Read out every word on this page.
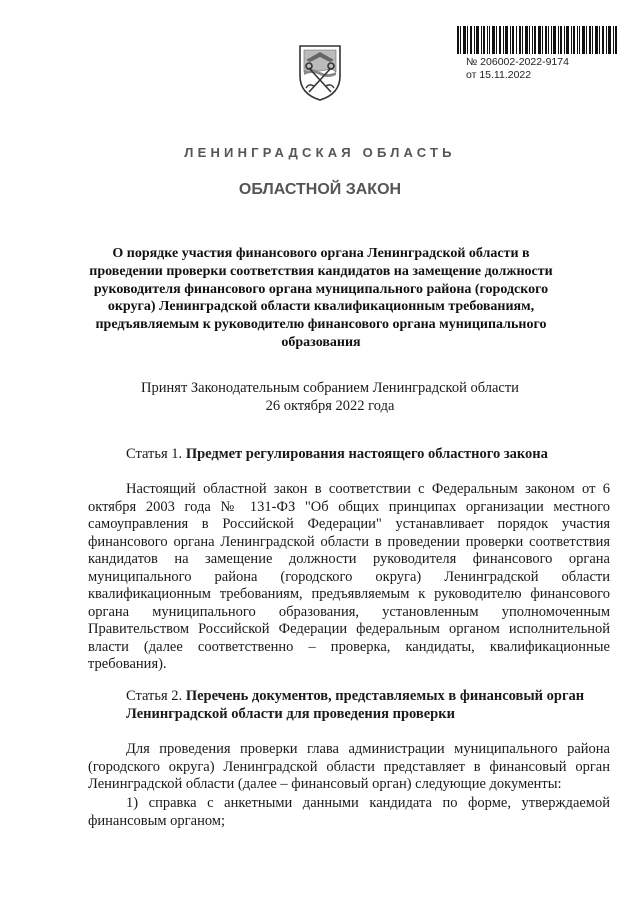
№ 206002-2022-9174
от 15.11.2022
ЛЕНИНГРАДСКАЯ ОБЛАСТЬ
ОБЛАСТНОЙ ЗАКОН
О порядке участия финансового органа Ленинградской области в проведении проверки соответствия кандидатов на замещение должности руководителя финансового органа муниципального района (городского округа) Ленинградской области квалификационным требованиям, предъявляемым к руководителю финансового органа муниципального образования
Принят Законодательным собранием Ленинградской области
26 октября 2022 года
Статья 1. Предмет регулирования настоящего областного закона
Настоящий областной закон в соответствии с Федеральным законом от 6 октября 2003 года № 131-ФЗ "Об общих принципах организации местного самоуправления в Российской Федерации" устанавливает порядок участия финансового органа Ленинградской области в проведении проверки соответствия кандидатов на замещение должности руководителя финансового органа муниципального района (городского округа) Ленинградской области квалификационным требованиям, предъявляемым к руководителю финансового органа муниципального образования, установленным уполномоченным Правительством Российской Федерации федеральным органом исполнительной власти (далее соответственно – проверка, кандидаты, квалификационные требования).
Статья 2. Перечень документов, представляемых в финансовый орган Ленинградской области для проведения проверки
Для проведения проверки глава администрации муниципального района (городского округа) Ленинградской области представляет в финансовый орган Ленинградской области (далее – финансовый орган) следующие документы:
1) справка с анкетными данными кандидата по форме, утверждаемой финансовым органом;
